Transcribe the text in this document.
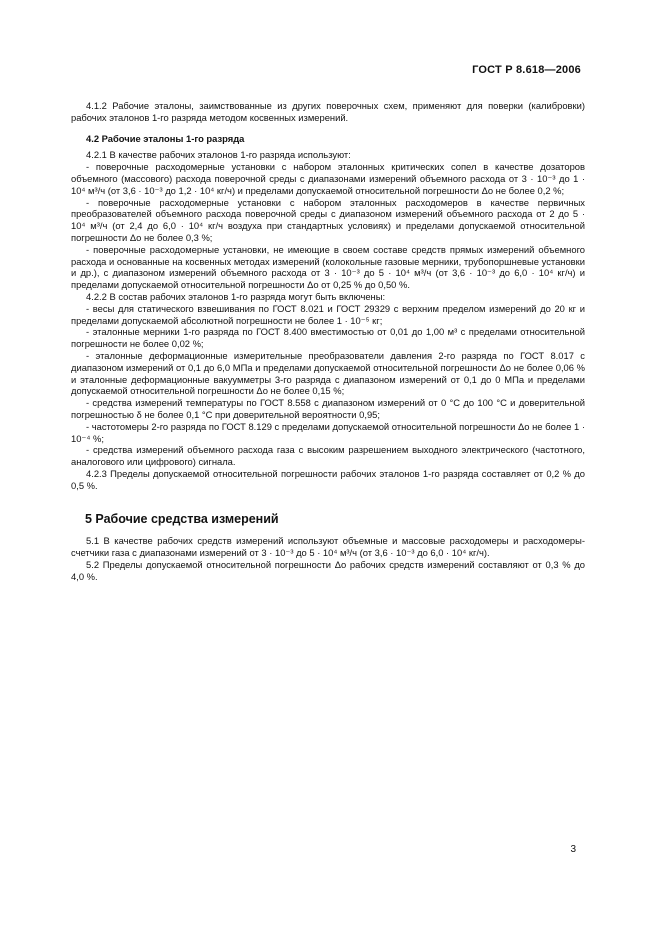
ГОСТ Р 8.618—2006

4.1.2 Рабочие эталоны, заимствованные из других поверочных схем, применяют для поверки (калибровки) рабочих эталонов 1-го разряда методом косвенных измерений.

4.2 Рабочие эталоны 1-го разряда

4.2.1 В качестве рабочих эталонов 1-го разряда используют:

- поверочные расходомерные установки с набором эталонных критических сопел в качестве дозаторов объемного (массового) расхода поверочной среды с диапазонами измерений объемного расхода от 3 · 10⁻³ до 1 · 10⁴ м³/ч (от 3,6 · 10⁻³ до 1,2 · 10⁴ кг/ч) и пределами допускаемой относительной погрешности Δо не более 0,2 %;

- поверочные расходомерные установки с набором эталонных расходомеров в качестве первичных преобразователей объемного расхода поверочной среды с диапазоном измерений объемного расхода от 2 до 5 · 10⁴ м³/ч (от 2,4 до 6,0 · 10⁴ кг/ч воздуха при стандартных условиях) и пределами допускаемой относительной погрешности Δо не более 0,3 %;

- поверочные расходомерные установки, не имеющие в своем составе средств прямых измерений объемного расхода и основанные на косвенных методах измерений (колокольные газовые мерники, трубопоршневые установки и др.), с диапазоном измерений объемного расхода от 3 · 10⁻³ до 5 · 10⁴ м³/ч (от 3,6 · 10⁻³ до 6,0 · 10⁴ кг/ч) и пределами допускаемой относительной погрешности Δо от 0,25 % до 0,50 %.

4.2.2 В состав рабочих эталонов 1-го разряда могут быть включены:

- весы для статического взвешивания по ГОСТ 8.021 и ГОСТ 29329 с верхним пределом измерений до 20 кг и пределами допускаемой абсолютной погрешности не более 1 · 10⁻⁵ кг;

- эталонные мерники 1-го разряда по ГОСТ 8.400 вместимостью от 0,01 до 1,00 м³ с пределами относительной погрешности не более 0,02 %;

- эталонные деформационные измерительные преобразователи давления 2-го разряда по ГОСТ 8.017 с диапазоном измерений от 0,1 до 6,0 МПа и пределами допускаемой относительной погрешности Δо не более 0,06 % и эталонные деформационные вакуумметры 3-го разряда с диапазоном измерений от 0,1 до 0 МПа и пределами допускаемой относительной погрешности Δо не более 0,15 %;

- средства измерений температуры по ГОСТ 8.558 с диапазоном измерений от 0 °С до 100 °С и доверительной погрешностью δ не более 0,1 °С при доверительной вероятности 0,95;

- частотомеры 2-го разряда по ГОСТ 8.129 с пределами допускаемой относительной погрешности Δо не более 1 · 10⁻⁴ %;

- средства измерений объемного расхода газа с высоким разрешением выходного электрического (частотного, аналогового или цифрового) сигнала.

4.2.3 Пределы допускаемой относительной погрешности рабочих эталонов 1-го разряда составляет от 0,2 % до 0,5 %.

5 Рабочие средства измерений

5.1 В качестве рабочих средств измерений используют объемные и массовые расходомеры и расходомеры-счетчики газа с диапазонами измерений от 3 · 10⁻³ до 5 · 10⁴ м³/ч (от 3,6 · 10⁻³ до 6,0 · 10⁴ кг/ч).

5.2 Пределы допускаемой относительной погрешности Δо рабочих средств измерений составляют от 0,3 % до 4,0 %.

3
